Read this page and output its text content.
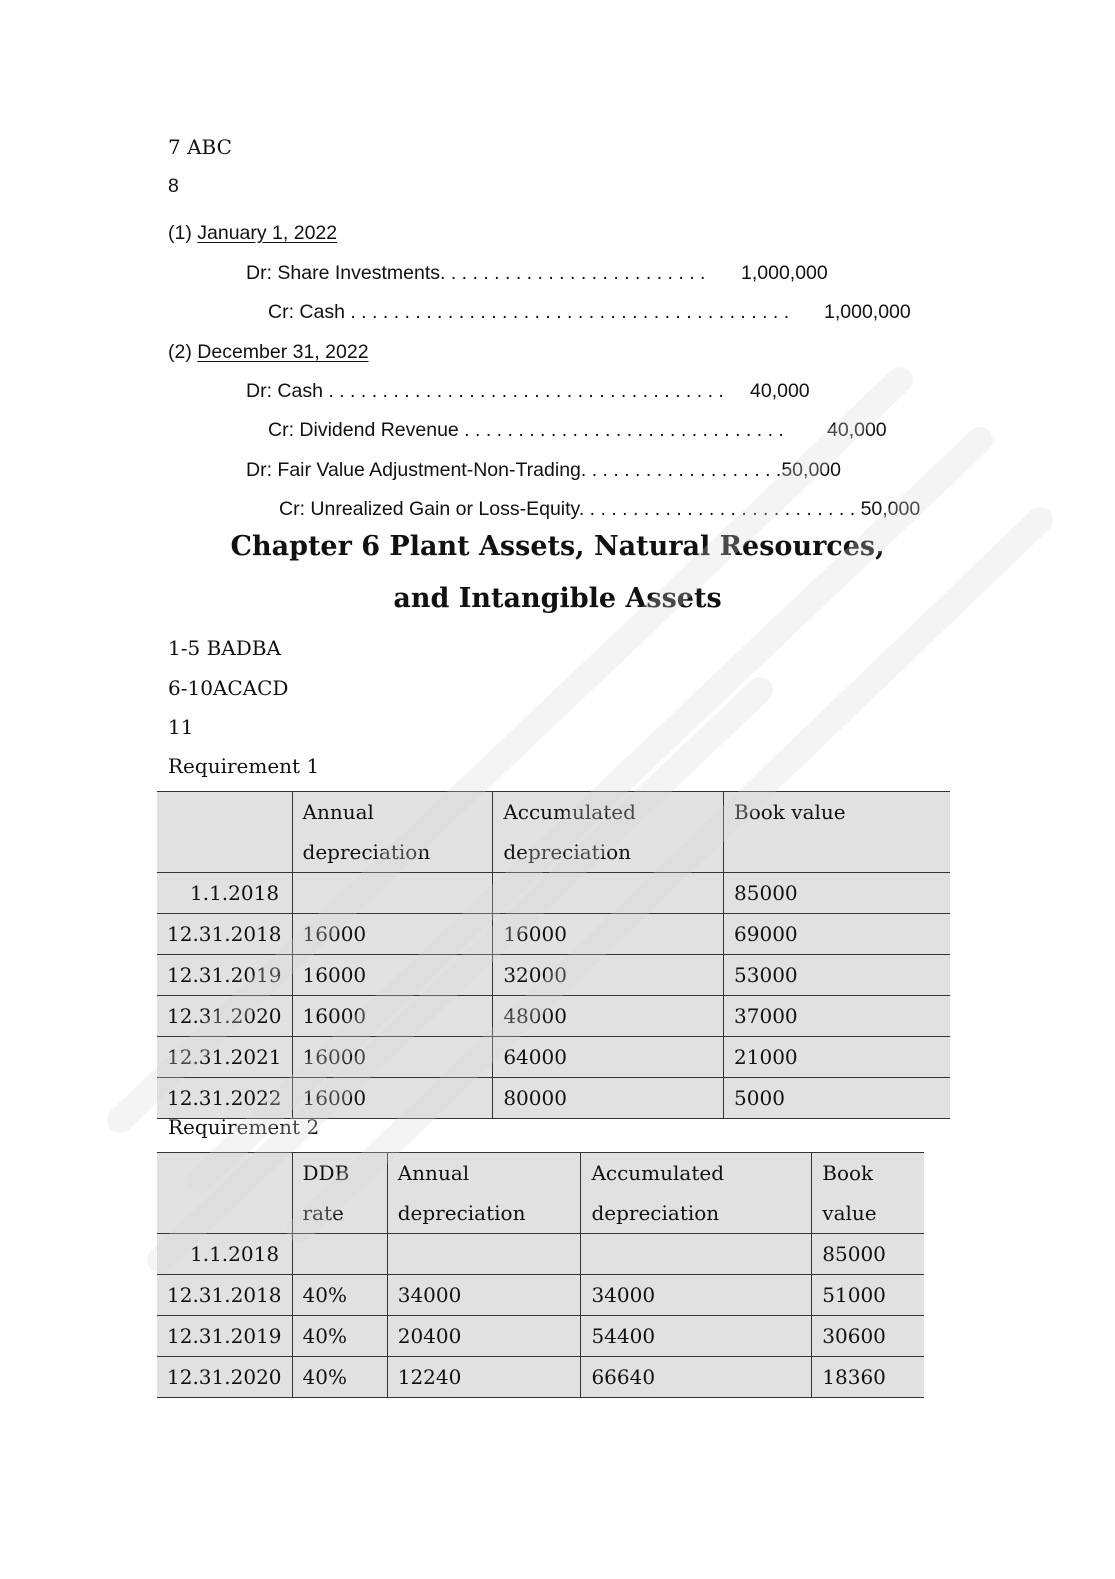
7 ABC
8
(1) January 1, 2022
Dr: Share Investments. . . . . . . . . . . . . . . . . . . . . . . . . 1,000,000
Cr: Cash . . . . . . . . . . . . . . . . . . . . . . . . . . . . . . . . . . . . . . . . . 1,000,000
(2) December 31, 2022
Dr: Cash . . . . . . . . . . . . . . . . . . . . . . . . . . . . . . . . . . . . . 40,000
Cr: Dividend Revenue . . . . . . . . . . . . . . . . . . . . . . . . . . . . . . 40,000
Dr: Fair Value Adjustment-Non-Trading. . . . . . . . . . . . . . . . . . .50,000
Cr: Unrealized Gain or Loss-Equity. . . . . . . . . . . . . . . . . . . . . . . . . . 50,000
Chapter 6 Plant Assets, Natural Resources,
and Intangible Assets
1-5 BADBA
6-10ACACD
11
Requirement 1
	Annual depreciation	Accumulated depreciation	Book value
1.1.2018			85000
12.31.2018	16000	16000	69000
12.31.2019	16000	32000	53000
12.31.2020	16000	48000	37000
12.31.2021	16000	64000	21000
12.31.2022	16000	80000	5000
Requirement 2
	DDB rate	Annual depreciation	Accumulated depreciation	Book value
1.1.2018				85000
12.31.2018	40%	34000	34000	51000
12.31.2019	40%	20400	54400	30600
12.31.2020	40%	12240	66640	18360
